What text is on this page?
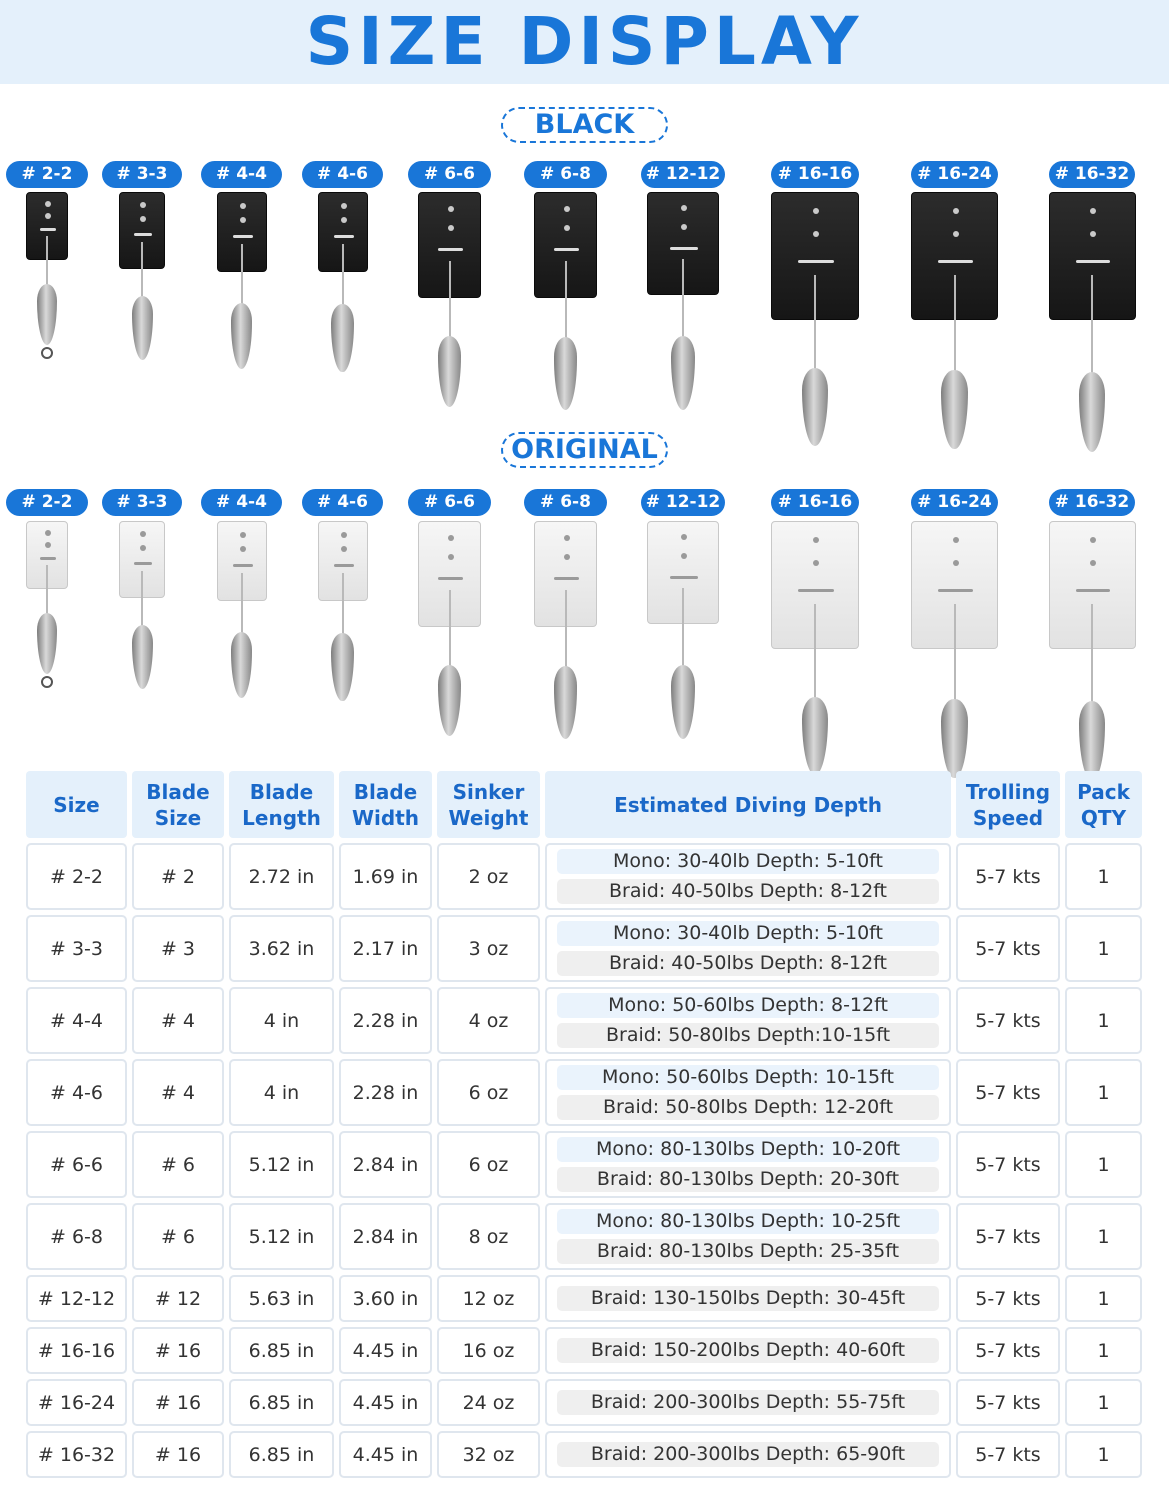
SIZE DISPLAY
BLACK
# 2-2	# 3-3	# 4-4	# 4-6	# 6-6	# 6-8	# 12-12	# 16-16	# 16-24	# 16-32
ORIGINAL
# 2-2	# 3-3	# 4-4	# 4-6	# 6-6	# 6-8	# 12-12	# 16-16	# 16-24	# 16-32
Size	Blade Size	Blade Length	Blade Width	Sinker Weight	Estimated Diving Depth	Trolling Speed	Pack QTY
# 2-2	# 2	2.72 in	1.69 in	2 oz	Mono: 30-40lb Depth: 5-10ft
Braid: 40-50lbs Depth: 8-12ft	5-7 kts	1
# 3-3	# 3	3.62 in	2.17 in	3 oz	Mono: 30-40lb Depth: 5-10ft
Braid: 40-50lbs Depth: 8-12ft	5-7 kts	1
# 4-4	# 4	4 in	2.28 in	4 oz	Mono: 50-60lbs Depth: 8-12ft
Braid: 50-80lbs Depth:10-15ft	5-7 kts	1
# 4-6	# 4	4 in	2.28 in	6 oz	Mono: 50-60lbs Depth: 10-15ft
Braid: 50-80lbs Depth: 12-20ft	5-7 kts	1
# 6-6	# 6	5.12 in	2.84 in	6 oz	Mono: 80-130lbs Depth: 10-20ft
Braid: 80-130lbs Depth: 20-30ft	5-7 kts	1
# 6-8	# 6	5.12 in	2.84 in	8 oz	Mono: 80-130lbs Depth: 10-25ft
Braid: 80-130lbs Depth: 25-35ft	5-7 kts	1
# 12-12	# 12	5.63 in	3.60 in	12 oz	Braid: 130-150lbs Depth: 30-45ft	5-7 kts	1
# 16-16	# 16	6.85 in	4.45 in	16 oz	Braid: 150-200lbs Depth: 40-60ft	5-7 kts	1
# 16-24	# 16	6.85 in	4.45 in	24 oz	Braid: 200-300lbs Depth: 55-75ft	5-7 kts	1
# 16-32	# 16	6.85 in	4.45 in	32 oz	Braid: 200-300lbs Depth: 65-90ft	5-7 kts	1
